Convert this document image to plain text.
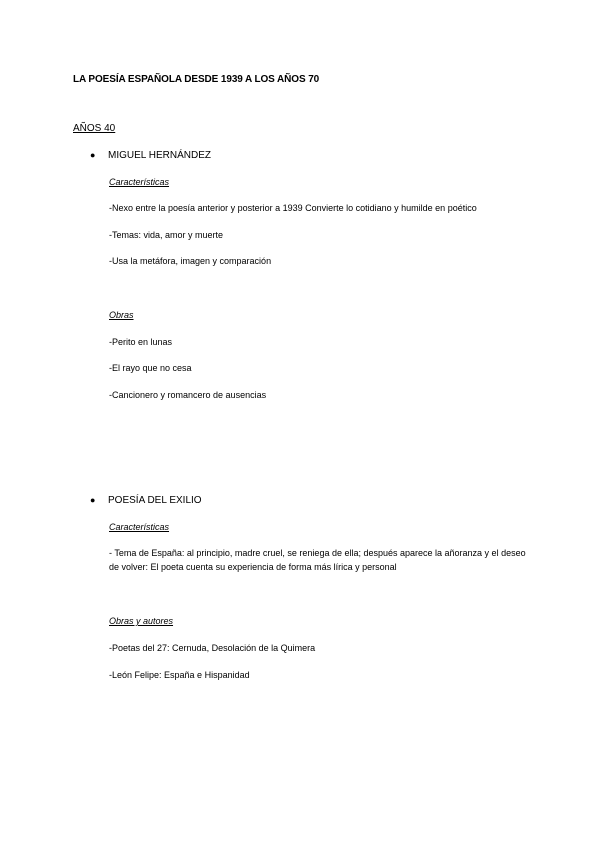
LA POESÍA ESPAÑOLA DESDE 1939 A LOS AÑOS 70
AÑOS 40
● MIGUEL HERNÁNDEZ
Características
-Nexo entre la poesía anterior y posterior a 1939 Convierte lo cotidiano y humilde en poético
-Temas: vida, amor y muerte
-Usa la metáfora, imagen y comparación
Obras
-Perito en lunas
-El rayo que no cesa
-Cancionero y romancero de ausencias
● POESÍA DEL EXILIO
Características
- Tema de España: al principio, madre cruel, se reniega de ella; después aparece la añoranza y el deseo de volver: El poeta cuenta su experiencia de forma más lírica y personal
Obras y autores
-Poetas del 27: Cernuda, Desolación de la Quimera
-León Felipe: España e Hispanidad
